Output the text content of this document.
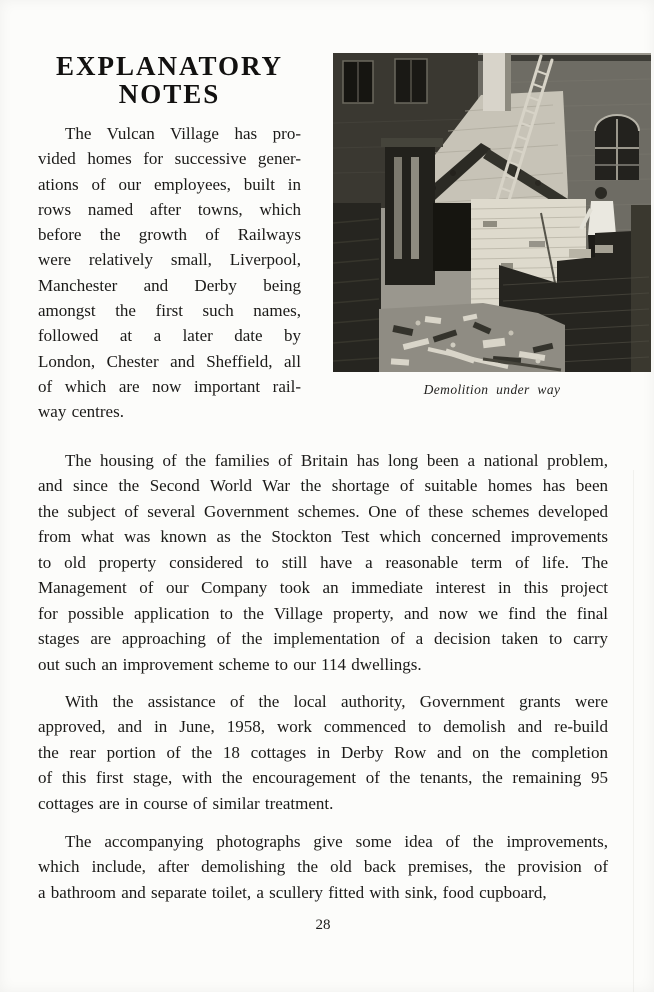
EXPLANATORY
NOTES
The Vulcan Village has pro-
vided homes for successive gener-
ations of our employees, built in
rows named after towns, which
before the growth of Railways
were relatively small, Liverpool,
Manchester and Derby being
amongst the first such names,
followed at a later date by
London, Chester and Sheffield, all
of which are now important rail-
way centres.
Demolition under way
The housing of the families of Britain has long been a national problem,
and since the Second World War the shortage of suitable homes has been
the subject of several Government schemes. One of these schemes developed
from what was known as the Stockton Test which concerned improvements
to old property considered to still have a reasonable term of life. The
Management of our Company took an immediate interest in this project
for possible application to the Village property, and now we find the final
stages are approaching of the implementation of a decision taken to carry
out such an improvement scheme to our 114 dwellings.
With the assistance of the local authority, Government grants were
approved, and in June, 1958, work commenced to demolish and re-build
the rear portion of the 18 cottages in Derby Row and on the completion
of this first stage, with the encouragement of the tenants, the remaining 95
cottages are in course of similar treatment.
The accompanying photographs give some idea of the improvements,
which include, after demolishing the old back premises, the provision of
a bathroom and separate toilet, a scullery fitted with sink, food cupboard,
28
